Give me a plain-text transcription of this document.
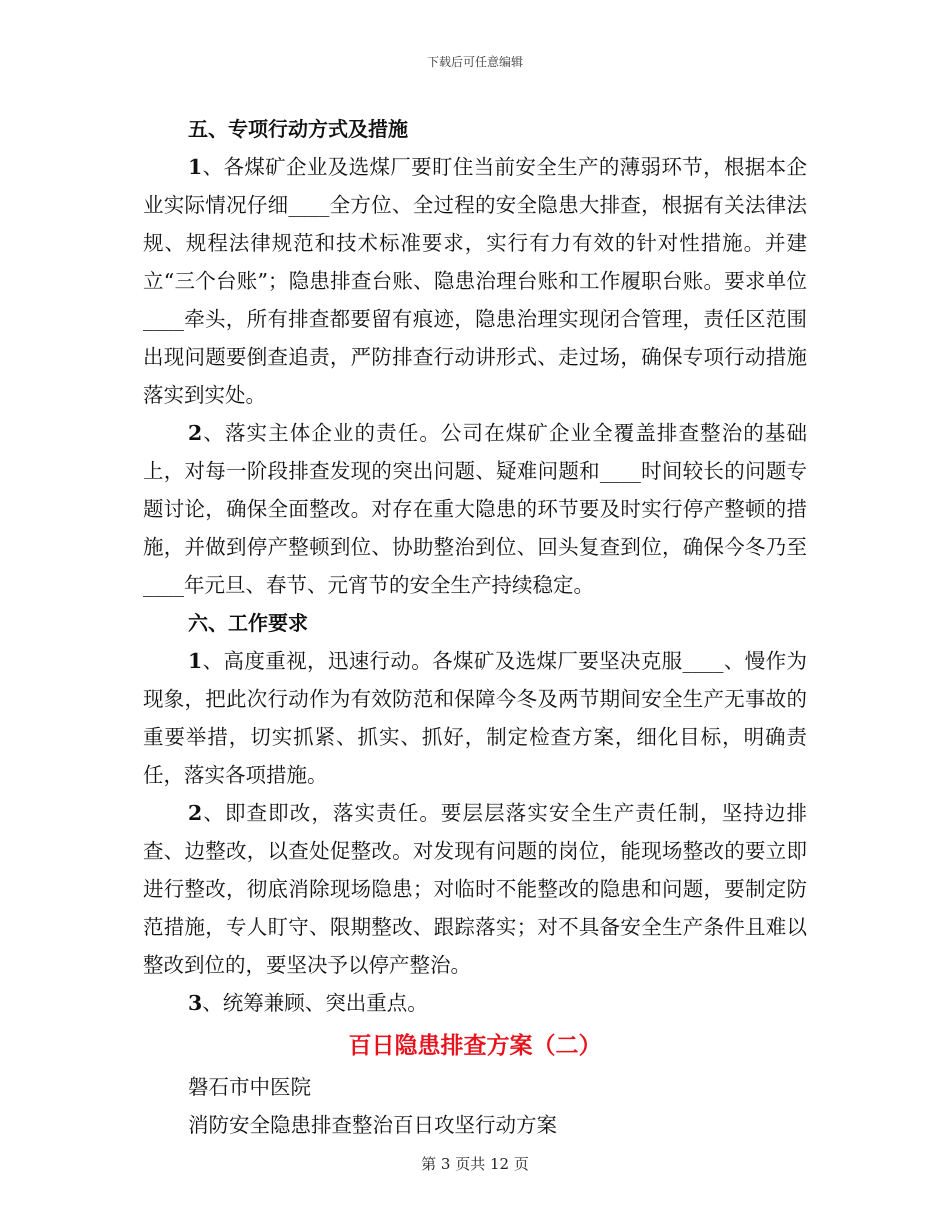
下载后可任意编辑

五、专项行动方式及措施

1、各煤矿企业及选煤厂要盯住当前安全生产的薄弱环节，根据本企业实际情况仔细____全方位、全过程的安全隐患大排查，根据有关法律法规、规程法律规范和技术标准要求，实行有力有效的针对性措施。并建立“三个台账”；隐患排查台账、隐患治理台账和工作履职台账。要求单位____牵头，所有排查都要留有痕迹，隐患治理实现闭合管理，责任区范围出现问题要倒查追责，严防排查行动讲形式、走过场，确保专项行动措施落实到实处。

2、落实主体企业的责任。公司在煤矿企业全覆盖排查整治的基础上，对每一阶段排查发现的突出问题、疑难问题和____时间较长的问题专题讨论，确保全面整改。对存在重大隐患的环节要及时实行停产整顿的措施，并做到停产整顿到位、协助整治到位、回头复查到位，确保今冬乃至____年元旦、春节、元宵节的安全生产持续稳定。

六、工作要求

1、高度重视，迅速行动。各煤矿及选煤厂要坚决克服____、慢作为现象，把此次行动作为有效防范和保障今冬及两节期间安全生产无事故的重要举措，切实抓紧、抓实、抓好，制定检查方案，细化目标，明确责任，落实各项措施。

2、即查即改，落实责任。要层层落实安全生产责任制，坚持边排查、边整改，以查处促整改。对发现有问题的岗位，能现场整改的要立即进行整改，彻底消除现场隐患；对临时不能整改的隐患和问题，要制定防范措施，专人盯守、限期整改、跟踪落实；对不具备安全生产条件且难以整改到位的，要坚决予以停产整治。

3、统筹兼顾、突出重点。

百日隐患排查方案（二）

磐石市中医院

消防安全隐患排查整治百日攻坚行动方案

第 3 页共 12 页
